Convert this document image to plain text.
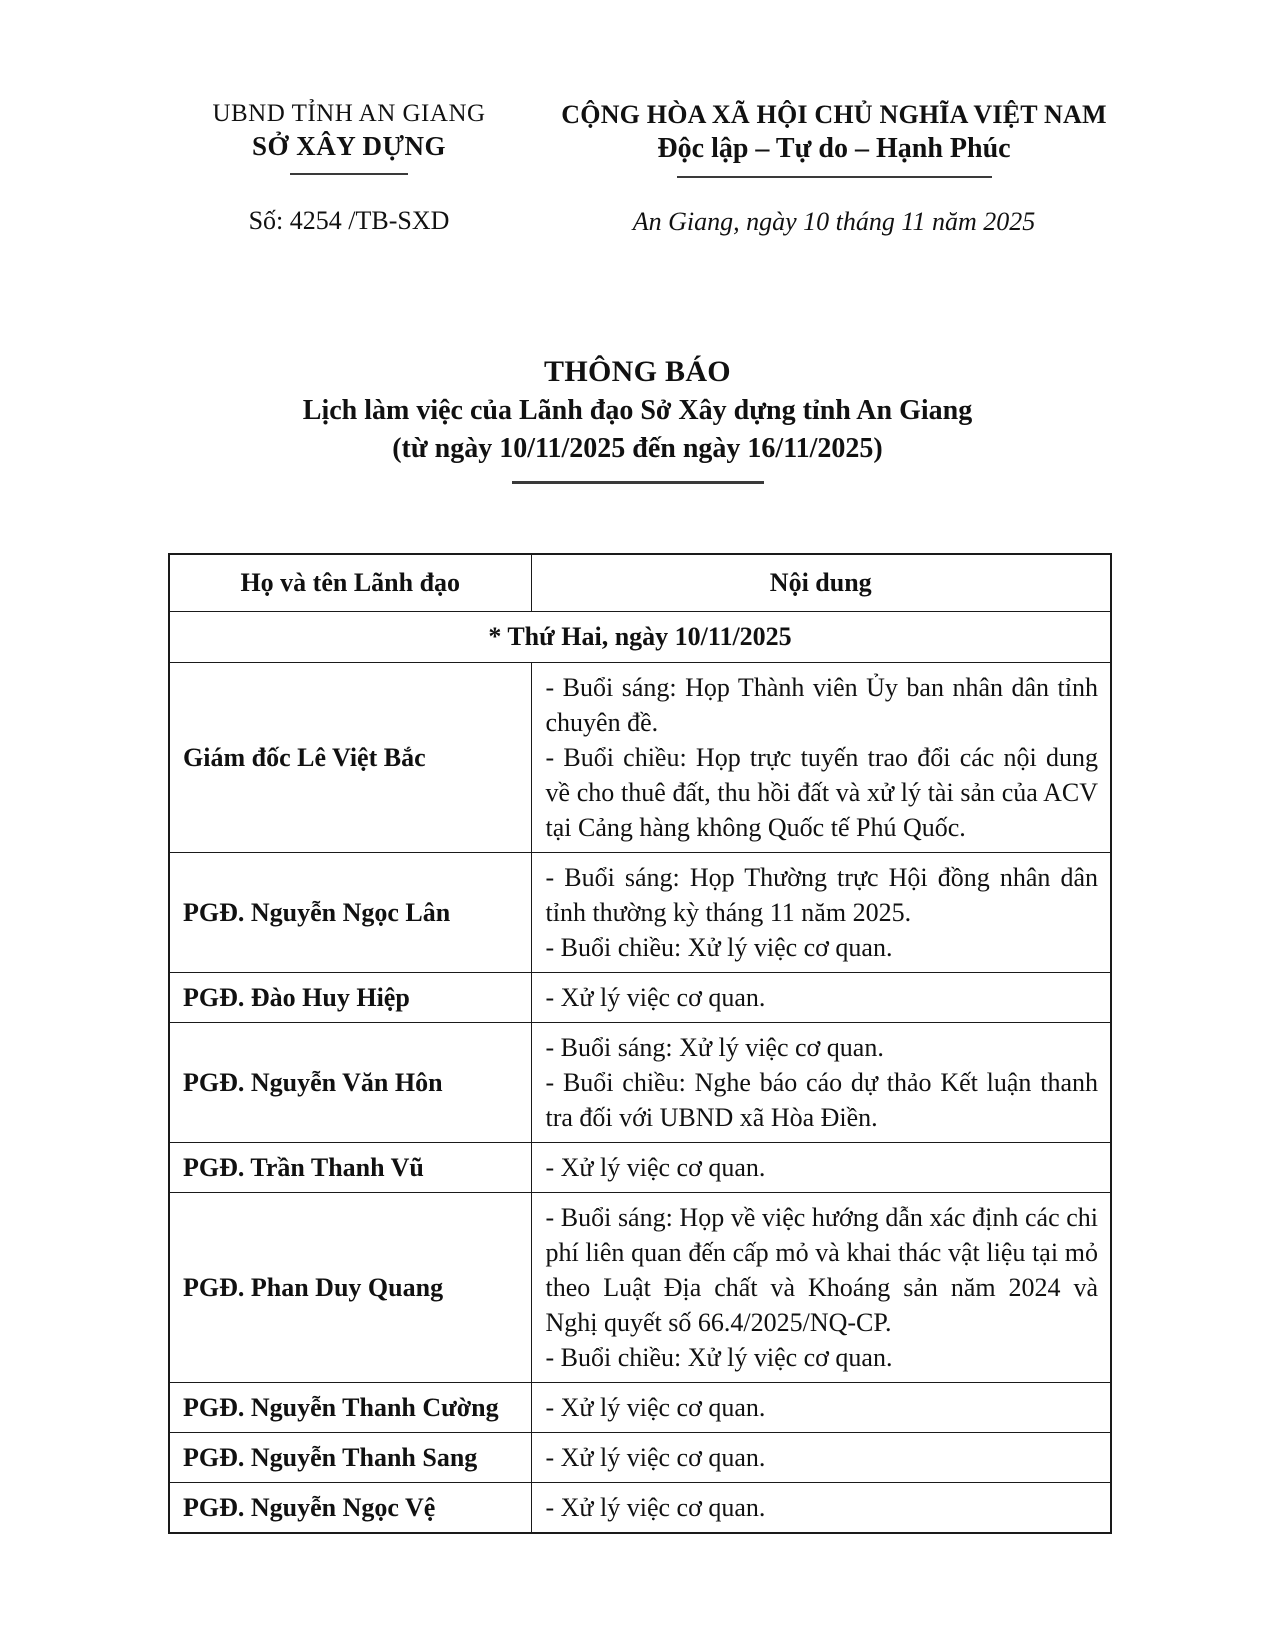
UBND TỈNH AN GIANG
SỞ XÂY DỰNG
Số: 4254 /TB-SXD
CỘNG HÒA XÃ HỘI CHỦ NGHĨA VIỆT NAM
Độc lập – Tự do – Hạnh Phúc
An Giang, ngày 10 tháng 11 năm 2025
THÔNG BÁO
Lịch làm việc của Lãnh đạo Sở Xây dựng tỉnh An Giang
(từ ngày 10/11/2025 đến ngày 16/11/2025)
Họ và tên Lãnh đạo	Nội dung
* Thứ Hai, ngày 10/11/2025	
Giám đốc Lê Việt Bắc	- Buổi sáng: Họp Thành viên Ủy ban nhân dân tỉnh chuyên đề.
- Buổi chiều: Họp trực tuyến trao đổi các nội dung về cho thuê đất, thu hồi đất và xử lý tài sản của ACV tại Cảng hàng không Quốc tế Phú Quốc.

PGĐ. Nguyễn Ngọc Lân	- Buổi sáng: Họp Thường trực Hội đồng nhân dân tỉnh thường kỳ tháng 11 năm 2025.
- Buổi chiều: Xử lý việc cơ quan.

PGĐ. Đào Huy Hiệp	- Xử lý việc cơ quan.

PGĐ. Nguyễn Văn Hôn	- Buổi sáng: Xử lý việc cơ quan.
- Buổi chiều: Nghe báo cáo dự thảo Kết luận thanh tra đối với UBND xã Hòa Điền.

PGĐ. Trần Thanh Vũ	- Xử lý việc cơ quan.

PGĐ. Phan Duy Quang	- Buổi sáng: Họp về việc hướng dẫn xác định các chi phí liên quan đến cấp mỏ và khai thác vật liệu tại mỏ theo Luật Địa chất và Khoáng sản năm 2024 và Nghị quyết số 66.4/2025/NQ-CP.
- Buổi chiều: Xử lý việc cơ quan.

PGĐ. Nguyễn Thanh Cường	- Xử lý việc cơ quan.

PGĐ. Nguyễn Thanh Sang	- Xử lý việc cơ quan.

PGĐ. Nguyễn Ngọc Vệ	- Xử lý việc cơ quan.
